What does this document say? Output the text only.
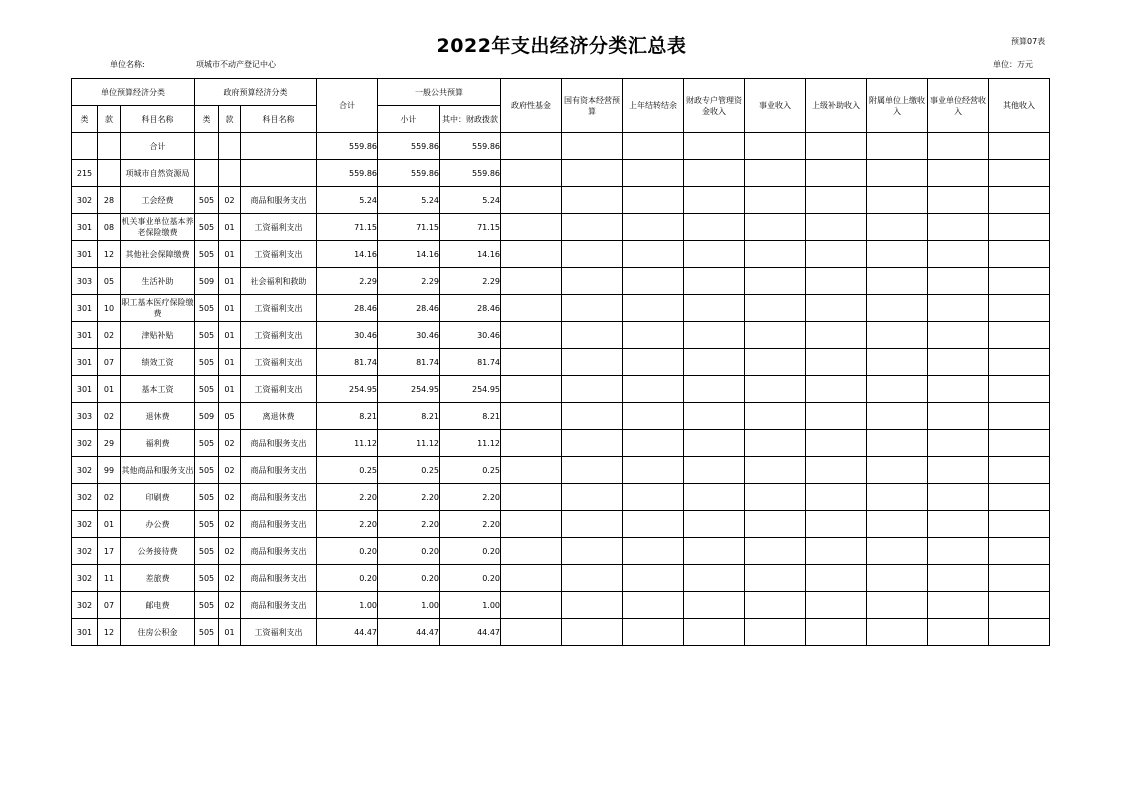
2022年支出经济分类汇总表	预算07表
单位名称:	项城市不动产登记中心	单位：万元
单位预算经济分类			政府预算经济分类			合计	一般公共预算		政府性基金	国有资本经营预算	上年结转结余	财政专户管理资金收入	事业收入	上级补助收入	附属单位上缴收入	事业单位经营收入	其他收入
类	款	科目名称	类	款	科目名称		小计	其中：财政拨款									
		合计				559.86	559.86	559.86									
215		项城市自然资源局				559.86	559.86	559.86									
302	28	工会经费	505	02	商品和服务支出	5.24	5.24	5.24									
301	08	机关事业单位基本养老保险缴费	505	01	工资福利支出	71.15	71.15	71.15									
301	12	其他社会保障缴费	505	01	工资福利支出	14.16	14.16	14.16									
303	05	生活补助	509	01	社会福利和救助	2.29	2.29	2.29									
301	10	职工基本医疗保险缴费	505	01	工资福利支出	28.46	28.46	28.46									
301	02	津贴补贴	505	01	工资福利支出	30.46	30.46	30.46									
301	07	绩效工资	505	01	工资福利支出	81.74	81.74	81.74									
301	01	基本工资	505	01	工资福利支出	254.95	254.95	254.95									
303	02	退休费	509	05	离退休费	8.21	8.21	8.21									
302	29	福利费	505	02	商品和服务支出	11.12	11.12	11.12									
302	99	其他商品和服务支出	505	02	商品和服务支出	0.25	0.25	0.25									
302	02	印刷费	505	02	商品和服务支出	2.20	2.20	2.20									
302	01	办公费	505	02	商品和服务支出	2.20	2.20	2.20									
302	17	公务接待费	505	02	商品和服务支出	0.20	0.20	0.20									
302	11	差旅费	505	02	商品和服务支出	0.20	0.20	0.20									
302	07	邮电费	505	02	商品和服务支出	1.00	1.00	1.00									
301	12	住房公积金	505	01	工资福利支出	44.47	44.47	44.47									
